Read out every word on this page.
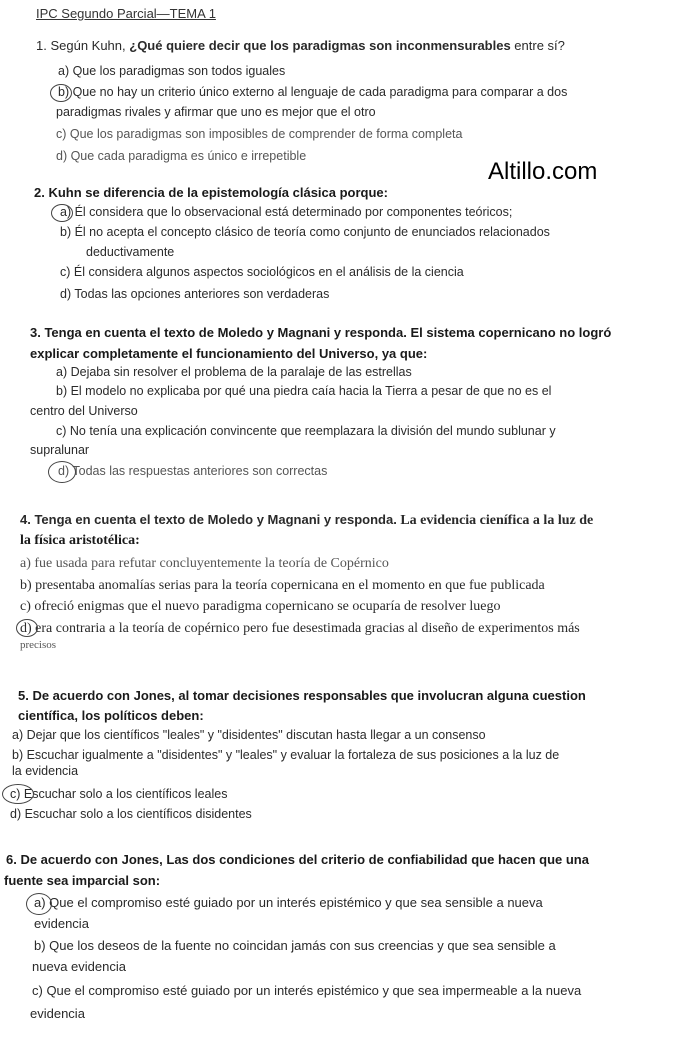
IPC Segundo Parcial—TEMA 1
Altillo.com
1. Según Kuhn, ¿Qué quiere decir que los paradigmas son inconmensurables entre sí?
a) Que los paradigmas son todos iguales
b) Que no hay un criterio único externo al lenguaje de cada paradigma para comparar a dos
paradigmas rivales y afirmar que uno es mejor que el otro
c) Que los paradigmas son imposibles de comprender de forma completa
d) Que cada paradigma es único e irrepetible
2. Kuhn se diferencia de la epistemología clásica porque:
a) Él considera que lo observacional está determinado por componentes teóricos;
b) Él no acepta el concepto clásico de teoría como conjunto de enunciados relacionados
deductivamente
c) Él considera algunos aspectos sociológicos en el análisis de la ciencia
d) Todas las opciones anteriores son verdaderas
3. Tenga en cuenta el texto de Moledo y Magnani y responda. El sistema copernicano no logró
explicar completamente el funcionamiento del Universo, ya que:
a) Dejaba sin resolver el problema de la paralaje de las estrellas
b) El modelo no explicaba por qué una piedra caía hacia la Tierra a pesar de que no es el
centro del Universo
c) No tenía una explicación convincente que reemplazara la división del mundo sublunar y
supralunar
d) Todas las respuestas anteriores son correctas
4. Tenga en cuenta el texto de Moledo y Magnani y responda. La evidencia cienífica a la luz de
la física aristotélica:
a) fue usada para refutar concluyentemente la teoría de Copérnico
b) presentaba anomalías serias para la teoría copernicana en el momento en que fue publicada
c) ofreció enigmas que el nuevo paradigma copernicano se ocuparía de resolver luego
d) era contraria a la teoría de copérnico pero fue desestimada gracias al diseño de experimentos más
precisos
5. De acuerdo con Jones, al tomar decisiones responsables que involucran alguna cuestion
científica, los políticos deben:
a) Dejar que los científicos "leales" y "disidentes" discutan hasta llegar a un consenso
b) Escuchar igualmente a "disidentes" y "leales" y evaluar la fortaleza de sus posiciones a la luz de
la evidencia
c) Escuchar solo a los científicos leales
d) Escuchar solo a los científicos disidentes
6. De acuerdo con Jones, Las dos condiciones del criterio de confiabilidad que hacen que una
fuente sea imparcial son:
a) Que el compromiso esté guiado por un interés epistémico y que sea sensible a nueva
evidencia
b) Que los deseos de la fuente no coincidan jamás con sus creencias y que sea sensible a
nueva evidencia
c) Que el compromiso esté guiado por un interés epistémico y que sea impermeable a la nueva
evidencia
